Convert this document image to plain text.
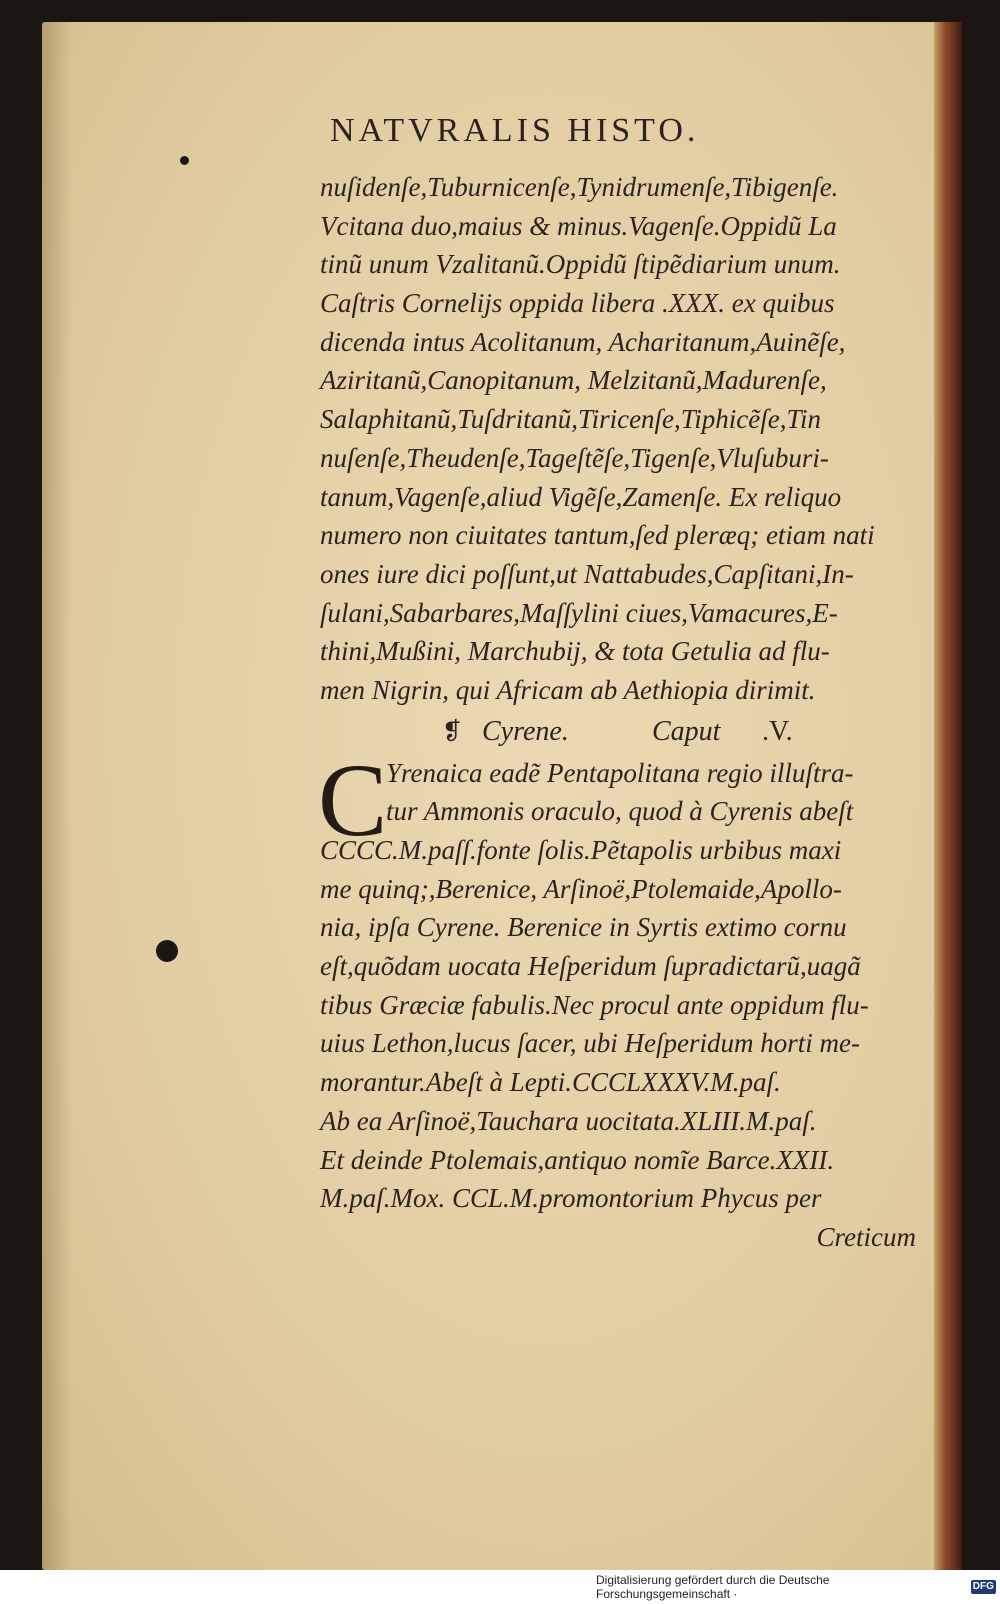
NATVRALIS HISTO.
nuſidenſe,Tuburnicenſe,Tynidrumenſe,Tibigenſe.
Vcitana duo,maius & minus.Vagenſe.Oppidũ La
tinũ unum Vzalitanũ.Oppidũ ſtipẽdiarium unum.
Caſtris Cornelijs oppida libera .XXX. ex quibus
dicenda intus Acolitanum, Acharitanum,Auinẽſe,
Aziritanũ,Canopitanum, Melzitanũ,Madurenſe,
Salaphitanũ,Tuſdritanũ,Tiricenſe,Tiphicẽſe,Tin
nuſenſe,Theudenſe,Tageſtẽſe,Tigenſe,Vluſuburi-
tanum,Vagenſe,aliud Vigẽſe,Zamenſe. Ex reliquo
numero non ciuitates tantum,ſed pleræq; etiam nati
ones iure dici poſſunt,ut Nattabudes,Capſitani,In-
ſulani,Sabarbares,Maſſylini ciues,Vamacures,E-
thini,Mußini, Marchubij, & tota Getulia ad flu-
men Nigrin, qui Africam ab Aethiopia dirimit.
❡ Cyrene.	Caput	.V.
C
Yrenaica eadẽ Pentapolitana regio illuſtra-
tur Ammonis oraculo, quod à Cyrenis abeſt
CCCC.M.paſſ.fonte ſolis.Pẽtapolis urbibus maxi
me quinq;,Berenice, Arſinoë,Ptolemaide,Apollo-
nia, ipſa Cyrene. Berenice in Syrtis extimo cornu
eſt,quõdam uocata Heſperidum ſupradictarũ,uagã
tibus Græciæ fabulis.Nec procul ante oppidum flu-
uius Lethon,lucus ſacer, ubi Heſperidum horti me-
morantur.Abeſt à Lepti.CCCLXXXV.M.paſ.
Ab ea Arſinoë,Tauchara uocitata.XLIII.M.paſ.
Et deinde Ptolemais,antiquo nomĩe Barce.XXII.
M.paſ.Mox. CCL.M.promontorium Phycus per
Creticum
Digitalisierung gefördert durch die Deutsche Forschungsgemeinschaft ·
DFG
